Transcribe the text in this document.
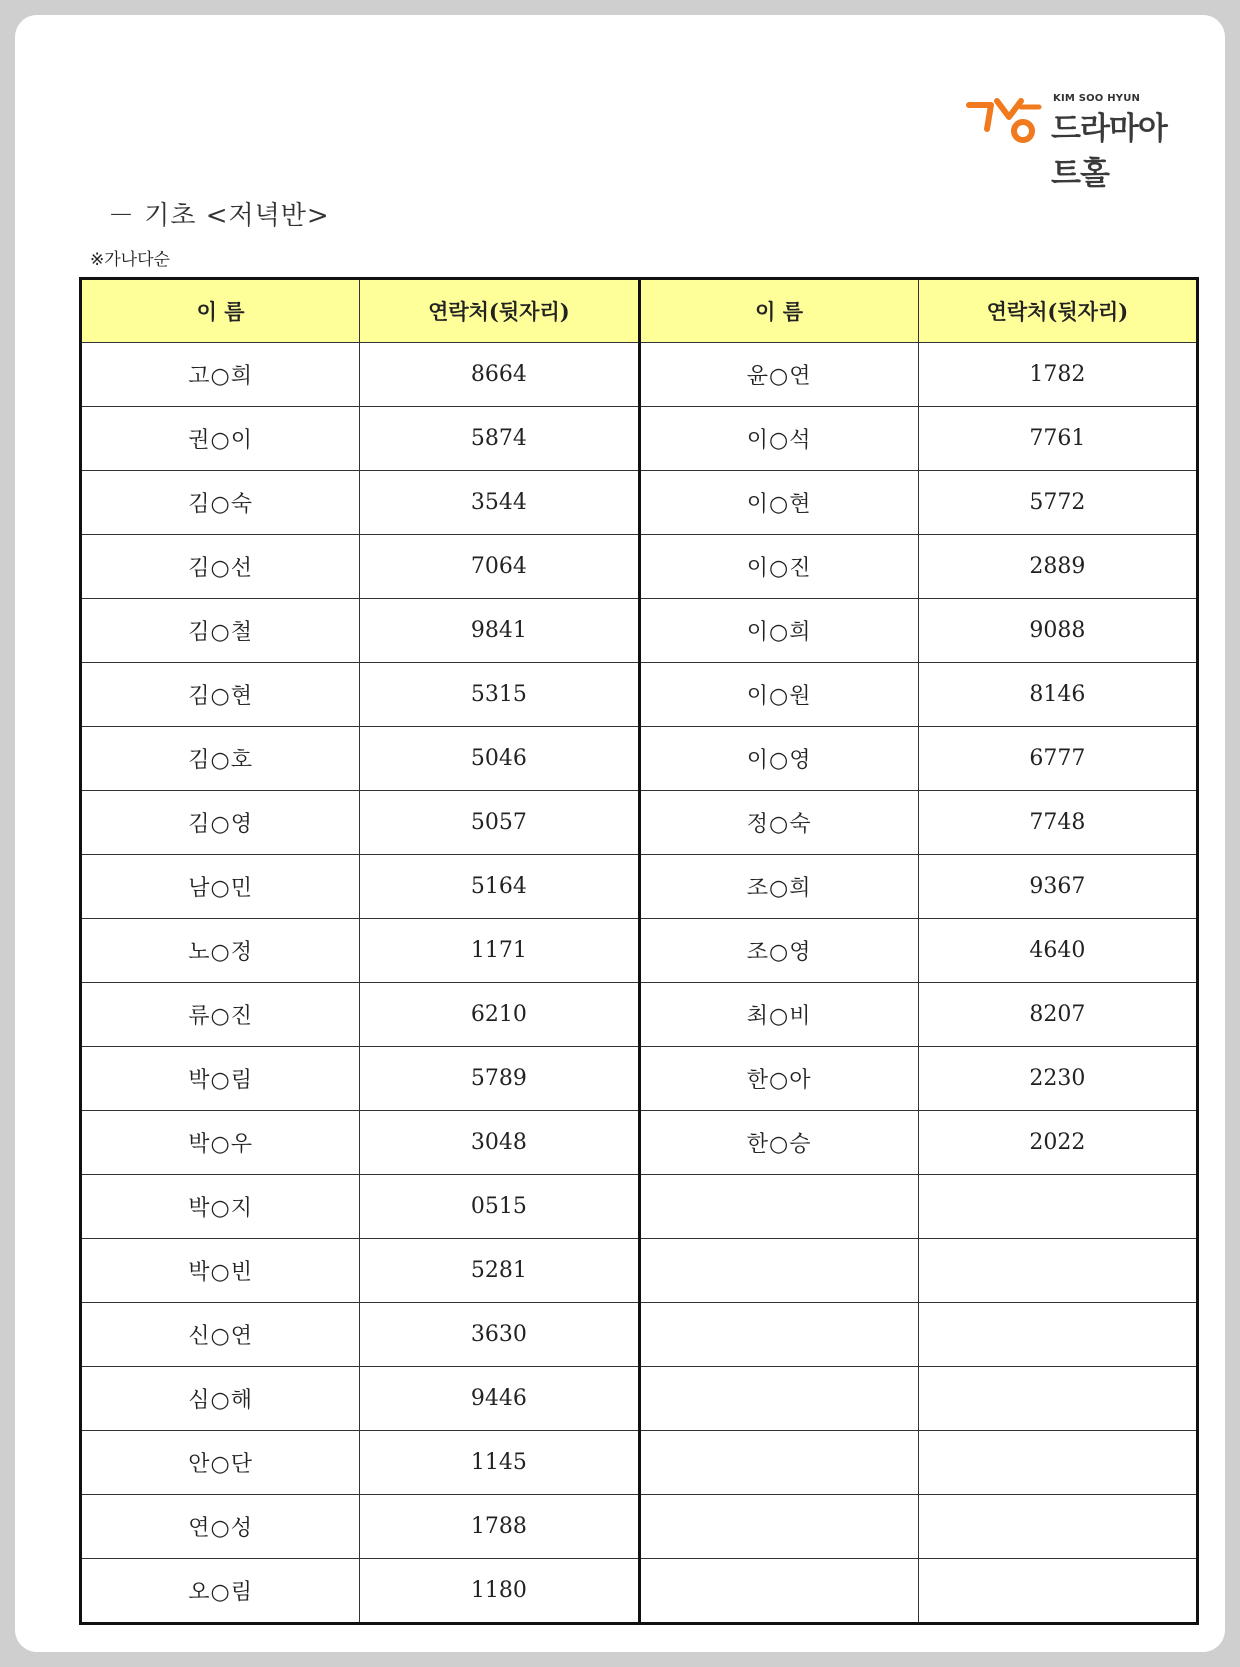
KIM SOO HYUN
드라마아트홀
－ 기초 <저녁반>
※가나다순
이 름	연락처(뒷자리)	이 름	연락처(뒷자리)
고○희	8664	윤○연	1782
권○이	5874	이○석	7761
김○숙	3544	이○현	5772
김○선	7064	이○진	2889
김○철	9841	이○희	9088
김○현	5315	이○원	8146
김○호	5046	이○영	6777
김○영	5057	정○숙	7748
남○민	5164	조○희	9367
노○정	1171	조○영	4640
류○진	6210	최○비	8207
박○림	5789	한○아	2230
박○우	3048	한○승	2022
박○지	0515		
박○빈	5281		
신○연	3630		
심○해	9446		
안○단	1145		
연○성	1788		
오○림	1180		
